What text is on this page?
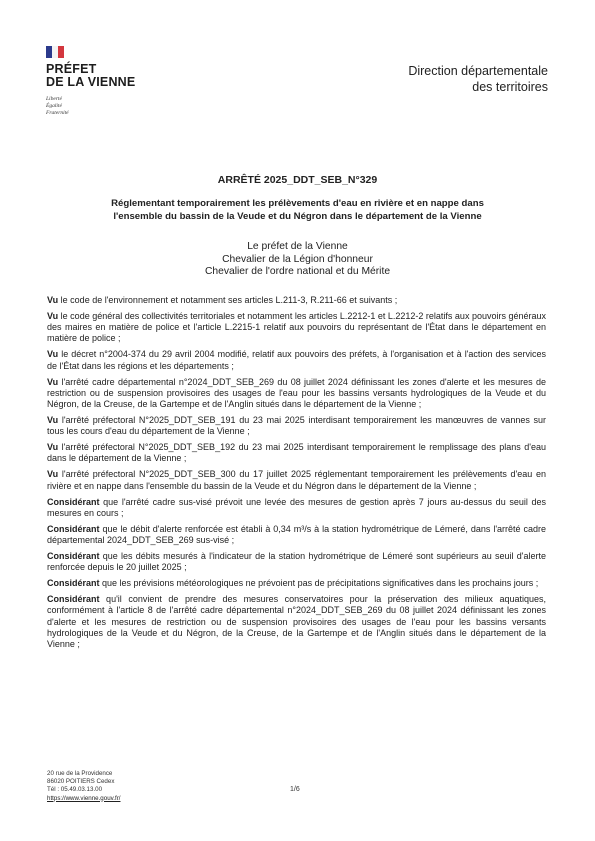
PRÉFET
DE LA VIENNE
Liberté
Égalité
Fraternité
Direction départementale
des territoires
ARRÊTÉ 2025_DDT_SEB_N°329
Réglementant temporairement les prélèvements d'eau en rivière et en nappe dans
l'ensemble du bassin de la Veude et du Négron dans le département de la Vienne
Le préfet de la Vienne
Chevalier de la Légion d'honneur
Chevalier de l'ordre national et du Mérite

Vu le code de l'environnement et notamment ses articles L.211-3, R.211-66 et suivants ;

Vu le code général des collectivités territoriales et notamment les articles L.2212-1 et L.2212-2 relatifs aux pouvoirs généraux des maires en matière de police et l'article L.2215-1 relatif aux pouvoirs du représentant de l'État dans le département en matière de police ;

Vu le décret n°2004-374 du 29 avril 2004 modifié, relatif aux pouvoirs des préfets, à l'organisation et à l'action des services de l'État dans les régions et les départements ;

Vu l'arrêté cadre départemental n°2024_DDT_SEB_269 du 08 juillet 2024 définissant les zones d'alerte et les mesures de restriction ou de suspension provisoires des usages de l'eau pour les bassins versants hydrologiques de la Veude et du Négron, de la Creuse, de la Gartempe et de l'Anglin situés dans le département de la Vienne ;

Vu l'arrêté préfectoral N°2025_DDT_SEB_191 du 23 mai 2025 interdisant temporairement les manœuvres de vannes sur tous les cours d'eau du département de la Vienne ;

Vu l'arrêté préfectoral N°2025_DDT_SEB_192 du 23 mai 2025 interdisant temporairement le remplissage des plans d'eau dans le département de la Vienne ;

Vu l'arrêté préfectoral N°2025_DDT_SEB_300 du 17 juillet 2025 réglementant temporairement les prélèvements d'eau en rivière et en nappe dans l'ensemble du bassin de la Veude et du Négron dans le département de la Vienne ;

Considérant que l'arrêté cadre sus-visé prévoit une levée des mesures de gestion après 7 jours au-dessus du seuil des mesures en cours ;

Considérant que le débit d'alerte renforcée est établi à 0,34 m³/s à la station hydrométrique de Lémeré, dans l'arrêté cadre départemental 2024_DDT_SEB_269 sus-visé ;

Considérant que les débits mesurés à l'indicateur de la station hydrométrique de Lémeré sont supérieurs au seuil d'alerte renforcée depuis le 20 juillet 2025 ;

Considérant que les prévisions météorologiques ne prévoient pas de précipitations significatives dans les prochains jours ;

Considérant qu'il convient de prendre des mesures conservatoires pour la préservation des milieux aquatiques, conformément à l'article 8 de l'arrêté cadre départemental n°2024_DDT_SEB_269 du 08 juillet 2024 définissant les zones d'alerte et les mesures de restriction ou de suspension provisoires des usages de l'eau pour les bassins versants hydrologiques de la Veude et du Négron, de la Creuse, de la Gartempe et de l'Anglin situés dans le département de la Vienne ;

20 rue de la Providence
86020 POITIERS Cedex
Tél : 05.49.03.13.00
https://www.vienne.gouv.fr/
1/6
